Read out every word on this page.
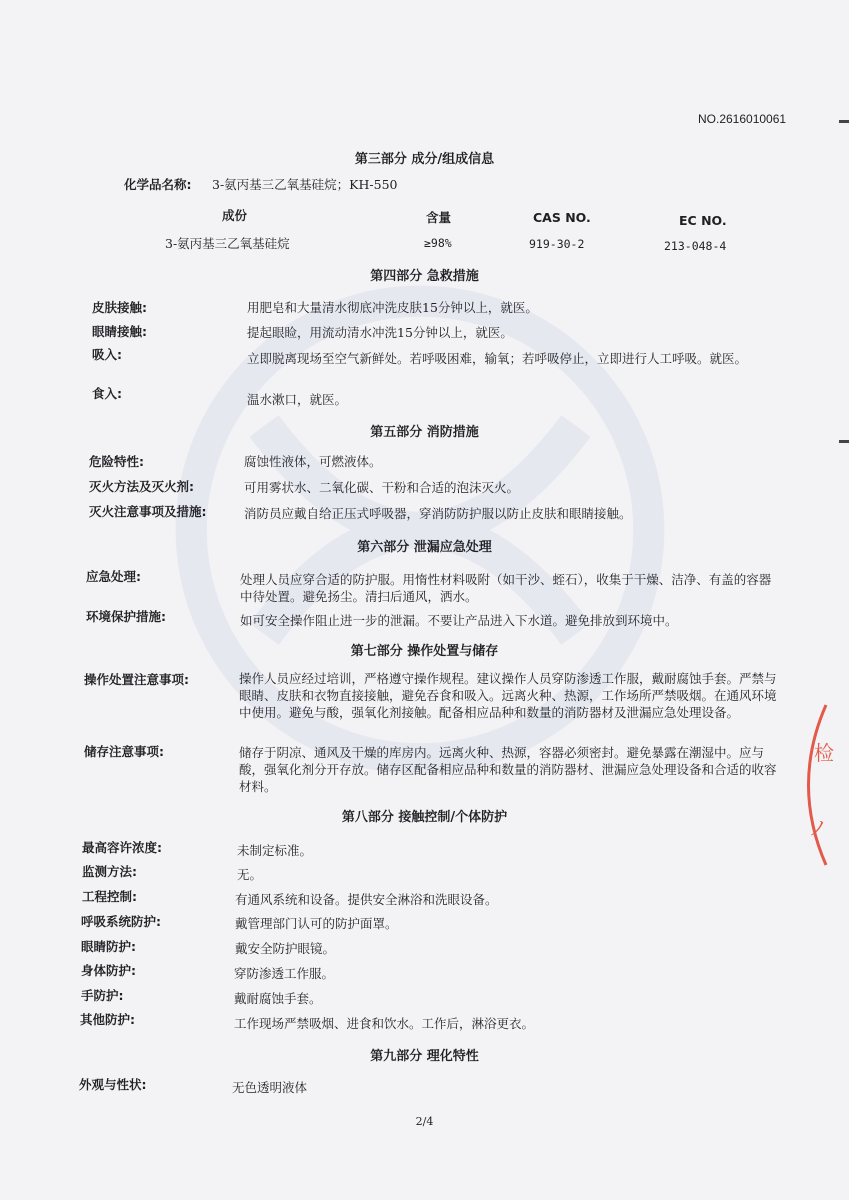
检
ノ
NO.2616010061
第三部分 成分/组成信息
化学品名称: 3-氨丙基三乙氧基硅烷；KH-550
成份	含量	CAS NO.	EC NO.
3-氨丙基三乙氧基硅烷	≥98%	919-30-2	213-048-4
第四部分 急救措施
皮肤接触:	用肥皂和大量清水彻底冲洗皮肤15分钟以上，就医。
眼睛接触:	提起眼睑，用流动清水冲洗15分钟以上，就医。
吸入:	立即脱离现场至空气新鲜处。若呼吸困难，输氧；若呼吸停止，立即进行人工呼吸。就医。
食入:	温水漱口，就医。
第五部分 消防措施
危险特性:	腐蚀性液体，可燃液体。
灭火方法及灭火剂:	可用雾状水、二氧化碳、干粉和合适的泡沫灭火。
灭火注意事项及措施:	消防员应戴自给正压式呼吸器，穿消防防护服以防止皮肤和眼睛接触。
第六部分 泄漏应急处理
应急处理:	处理人员应穿合适的防护服。用惰性材料吸附（如干沙、蛭石），收集于干燥、洁净、有盖的容器中待处置。避免扬尘。清扫后通风，洒水。
环境保护措施:	如可安全操作阻止进一步的泄漏。不要让产品进入下水道。避免排放到环境中。
第七部分 操作处置与储存
操作处置注意事项:	操作人员应经过培训，严格遵守操作规程。建议操作人员穿防渗透工作服，戴耐腐蚀手套。严禁与眼睛、皮肤和衣物直接接触，避免吞食和吸入。远离火种、热源，工作场所严禁吸烟。在通风环境中使用。避免与酸，强氧化剂接触。配备相应品种和数量的消防器材及泄漏应急处理设备。
储存注意事项:	储存于阴凉、通风及干燥的库房内。远离火种、热源，容器必须密封。避免暴露在潮湿中。应与酸，强氧化剂分开存放。储存区配备相应品种和数量的消防器材、泄漏应急处理设备和合适的收容材料。
第八部分 接触控制/个体防护
最高容许浓度:	未制定标准。
监测方法:	无。
工程控制:	有通风系统和设备。提供安全淋浴和洗眼设备。
呼吸系统防护:	戴管理部门认可的防护面罩。
眼睛防护:	戴安全防护眼镜。
身体防护:	穿防渗透工作服。
手防护:	戴耐腐蚀手套。
其他防护:	工作现场严禁吸烟、进食和饮水。工作后，淋浴更衣。
第九部分 理化特性
外观与性状:	无色透明液体
2/4
